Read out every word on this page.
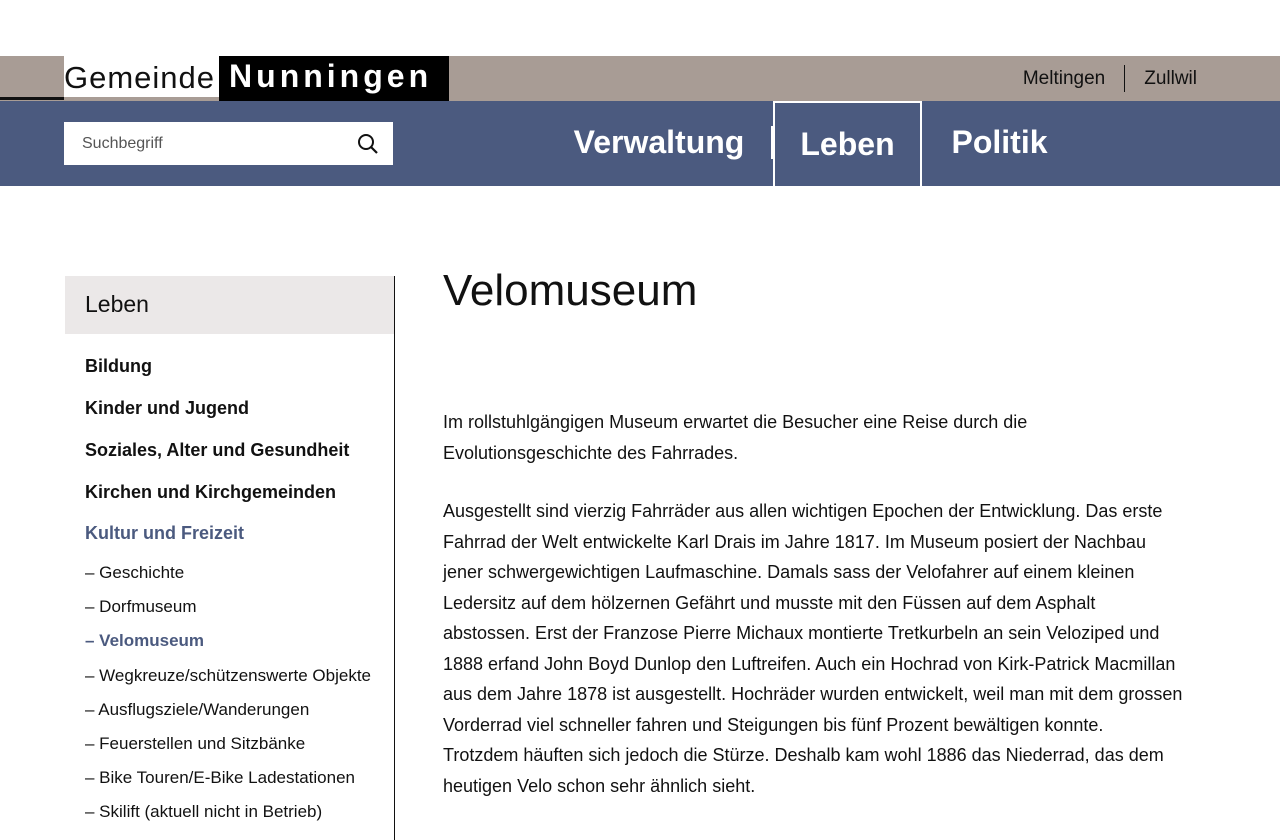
Gemeinde Nunningen	Meltingen Zullwil
Suchbegriff
Verwaltung	Leben	Politik
Leben
Bildung
Kinder und Jugend
Soziales, Alter und Gesundheit
Kirchen und Kirchgemeinden
Kultur und Freizeit
– Geschichte
– Dorfmuseum
– Velomuseum
– Wegkreuze/schützenswerte Objekte
– Ausflugsziele/Wanderungen
– Feuerstellen und Sitzbänke
– Bike Touren/E-Bike Ladestationen
– Skilift (aktuell nicht in Betrieb)
Velomuseum

Im rollstuhlgängigen Museum erwartet die Besucher eine Reise durch die Evolutionsgeschichte des Fahrrades.

Ausgestellt sind vierzig Fahrräder aus allen wichtigen Epochen der Entwicklung. Das erste Fahrrad der Welt entwickelte Karl Drais im Jahre 1817. Im Museum posiert der Nachbau jener schwergewichtigen Laufmaschine. Damals sass der Velofahrer auf einem kleinen Ledersitz auf dem hölzernen Gefährt und musste mit den Füssen auf dem Asphalt abstossen. Erst der Franzose Pierre Michaux montierte Tretkurbeln an sein Veloziped und 1888 erfand John Boyd Dunlop den Luftreifen. Auch ein Hochrad von Kirk-Patrick Macmillan aus dem Jahre 1878 ist ausgestellt. Hochräder wurden entwickelt, weil man mit dem grossen Vorderrad viel schneller fahren und Steigungen bis fünf Prozent bewältigen konnte. Trotzdem häuften sich jedoch die Stürze. Deshalb kam wohl 1886 das Niederrad, das dem heutigen Velo schon sehr ähnlich sieht.
